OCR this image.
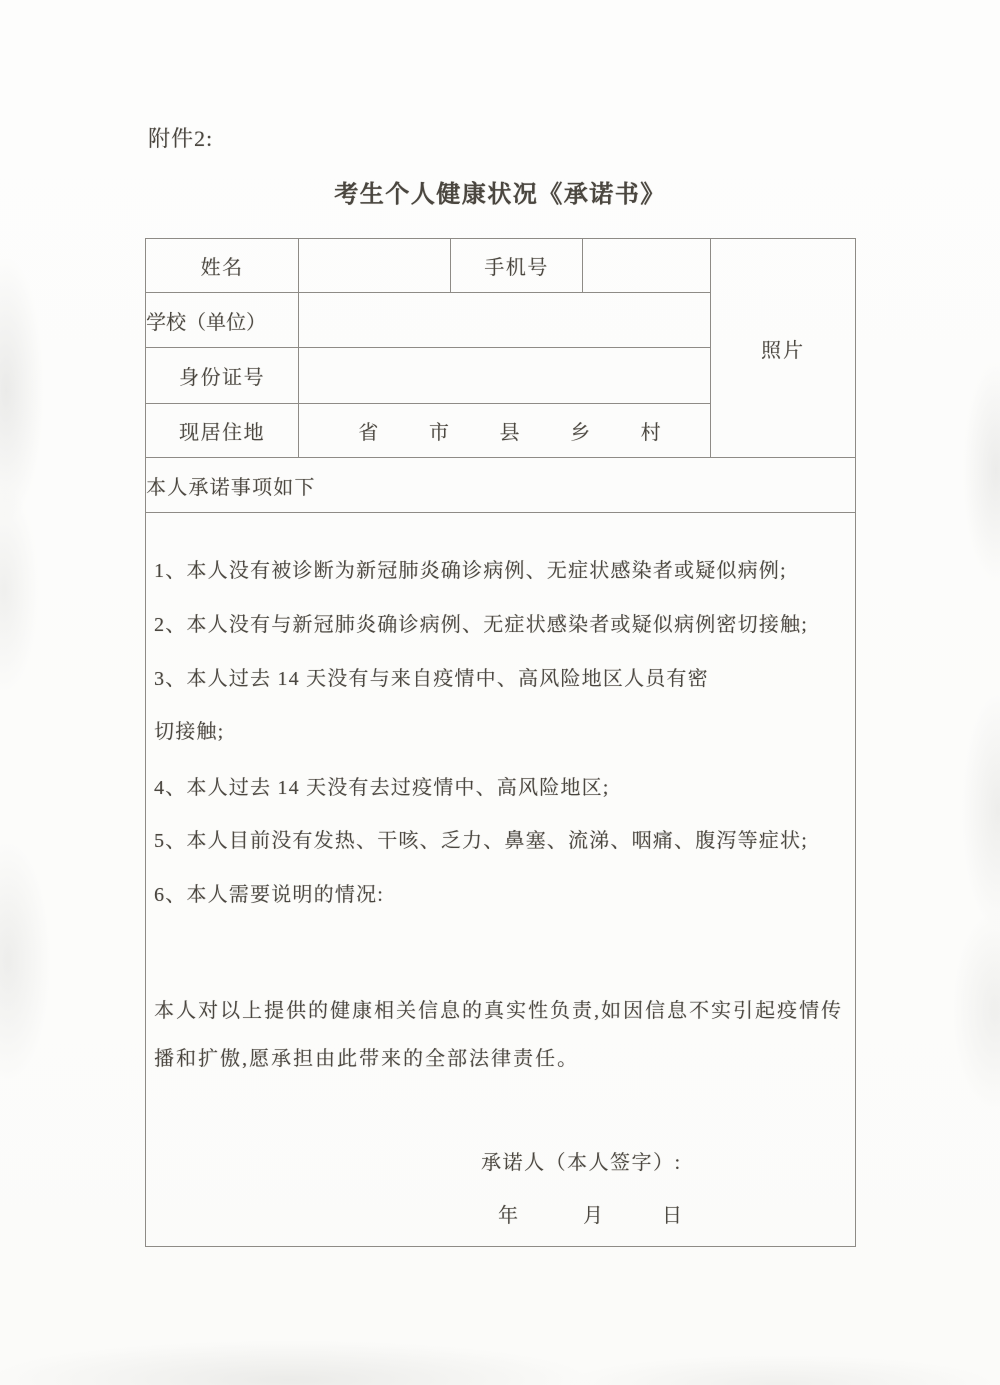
附件2:
考生个人健康状况《承诺书》
姓名		手机号		照片
学校（单位）				
身份证号				
现居住地	省 市 县 乡 村			

本人承诺事项如下				

1、本人没有被诊断为新冠肺炎确诊病例、无症状感染者或疑似病例;
2、本人没有与新冠肺炎确诊病例、无症状感染者或疑似病例密切接触;
3、本人过去 14 天没有与来自疫情中、高风险地区人员有密
切接触;
4、本人过去 14 天没有去过疫情中、高风险地区;
5、本人目前没有发热、干咳、乏力、鼻塞、流涕、咽痛、腹泻等症状;
6、本人需要说明的情况:
本人对以上提供的健康相关信息的真实性负责,如因信息不实引起疫情传
播和扩傲,愿承担由此带来的全部法律责任。
承诺人（本人签字）:
年	月	日
